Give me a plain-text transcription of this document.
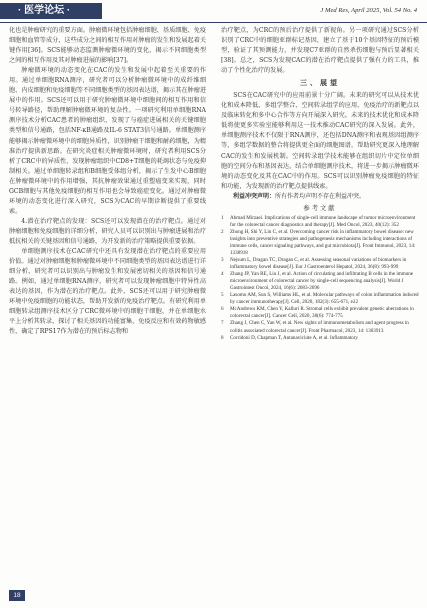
· 医学论坛 ·	J Med Res, April 2025, Vol. 54 No. 4

化也是肿瘤研究的重要方面。肿瘤微环境包括肿瘤细胞、基质细胞、免疫细胞和血管等成分，这些成分之间的相互作用对肿瘤的发生和发展起着关键作用[36]。SCS能够动态监测肿瘤微环境的变化，揭示不同细胞类型之间的相互作用及其对肿瘤进展的影响[37]。

肿瘤微环境的动态变化在CAC的发生和发展中起着至关重要的作用。通过单细胞RNA测序，研究者可以分析肿瘤微环境中的成纤维细胞、内皮细胞和免疫细胞等不同细胞类型的基因表达谱，揭示其在肿瘤进展中的作用。SCS还可以用于研究肿瘤微环境中细胞间的相互作用和信号转导路径，帮助理解肿瘤微环境的复杂性。一项研究利用单细胞RNA测序技术分析CAC患者的肿瘤组织，发现了与癌症进展相关的关键细胞类型和信号通路，包括NF-κB通路及IL-6 STAT3信号通路。单细胞测序能够揭示肿瘤微环境中的细胞异质性，识别肿瘤干细胞和耐药细胞，为精准治疗提供新思路。在研究炎症相关肿瘤微环境时，研究者利用SCS分析了CRC中的异质性，发现肿瘤组织中CD8+T细胞的耗竭状态与免疫抑制相关。通过单细胞转录组和B细胞受体组分析，揭示了生发中心B细胞在肿瘤微环境中的作用增强，其抗肿瘤效果通过重塑癌变来实现，同时GCB细胞与其他免疫细胞的相互作用也会导致癌症变化。通过对肿瘤微环境的动态变化进行深入研究，SCS为CAC的早期诊断提供了重要线索。

4.潜在治疗靶点的发现：SCS还可以发现潜在的治疗靶点。通过对肿瘤细胞和免疫细胞的详细分析，研究人员可以识别出与肿瘤进展和治疗抵抗相关的关键基因和信号通路，为开发新的治疗策略提供重要依据。

单细胞测序技术在CAC研究中还具有发现潜在治疗靶点的重要应用价值。通过对肿瘤细胞和肿瘤微环境中不同细胞类型的基因表达谱进行详细分析，研究者可以识别出与肿瘤发生和发展密切相关的基因和信号通路。例如，通过单细胞RNA测序，研究者可以发现肿瘤细胞中特异性高表达的基因，作为潜在的治疗靶点。此外，SCS还可以用于研究肿瘤微环境中免疫细胞的功能状态，帮助开发新的免疫治疗靶点。有研究利用单细胞转录组测序技术区分了CRC微环境中的细胞干细胞，并在单细胞水平上分析其转录，探讨了相关基因的功能富集，免疫反应和有效药物敏感性，确定了RPS17作为潜在的预后标志物和

治疗靶点，为CRC的预后治疗提供了新视角。另一项研究通过SCS分析识别了CRC中的细胞亚群标记基因，建立了基于10个基因特征的预后模型，验证了其预测能力，并发现C7亚群的自然杀伤细胞与预后显著相关[38]。总之，SCS为发现CAC的潜在治疗靶点提供了强有力的工具，推动了个性化治疗的发展。

三、展望

SCS在CAC研究中的应用前景十分广阔。未来的研究可以从技术优化和成本降低、多组学整合、空间转录组学的应用、免疫治疗的新靶点以及临床转化和多中心合作等方向开展深入研究。未来的技术优化和成本降低将使更多实验室能够利用这一技术推动CAC研究的深入发展。此外，单细胞测序技术不仅限于RNA测序，还包括DNA测序和表观基因组测序等，多组学数据的整合将提供更全面的细胞图谱，帮助研究更深入地理解CAC的发生和发展机制。空间转录组学技术能够在组织切片中定位单细胞的空间分布和基因表达，结合单细胞测序技术，将进一步揭示肿瘤微环境的动态变化及其在CAC中的作用。SCS可以识别肿瘤免疫细胞的特征和功能，为发现新的治疗靶点提供线索。

利益冲突声明：所有作者均声明不存在利益冲突。

参考文献
1	Ahmad Mirzaei. Implications of single-cell immune landscape of tumor microenvironment for the colorectal cancer diagnostics and therapy[J]. Med Oncol, 2023, 40(12): 352
2	Zhong H, Shi Y, Lin C, et al. Overcoming cancer risk in inflammatory bowel disease: new insights into preventive strategies and pathogenesis mechanisms including interactions of immune cells, cancer signaling pathways, and gut microbiota[J]. Front Immunol, 2023, 14: 1338918
3	Nejsum L, Dragan TC, Dragan C, et al. Assessing seasonal variations of biomarkers in inflammatory bowel disease[J]. Eur J Gastroenterol Hepatol, 2024, 36(8): 993-999
4	Zhang JP, Yan RE, Liu J, et al. Action of circulating and infiltrating B cells in the immune microenvironment of colorectal cancer by single-cell sequencing analysis[J]. World J Gastrointest Oncol, 2024, 16(6): 2683-2696
5	Lasomo AM, Sun S, Williams HL, et al. Molecular pathways of colon inflammation induced by cancer immunotherapy[J]. Cell, 2020, 182(3): 655-671, e22
6	McAndrews KM, Chen Y, Kalluri R. Stromal cells exhibit prevalent genetic aberrations in colorectal cancer[J]. Cancer Cell, 2020, 38(6): 774-775
7	Zhang J, Chen C, Yan W, et al. New sights of immunometabolism and agent progress in colitis associated colorectal cancer[J]. Front Pharmacol, 2023, 14: 1303913
8	Corridoni D, Chapman T, Antanaviciute A, et al. Inflammatory
18
